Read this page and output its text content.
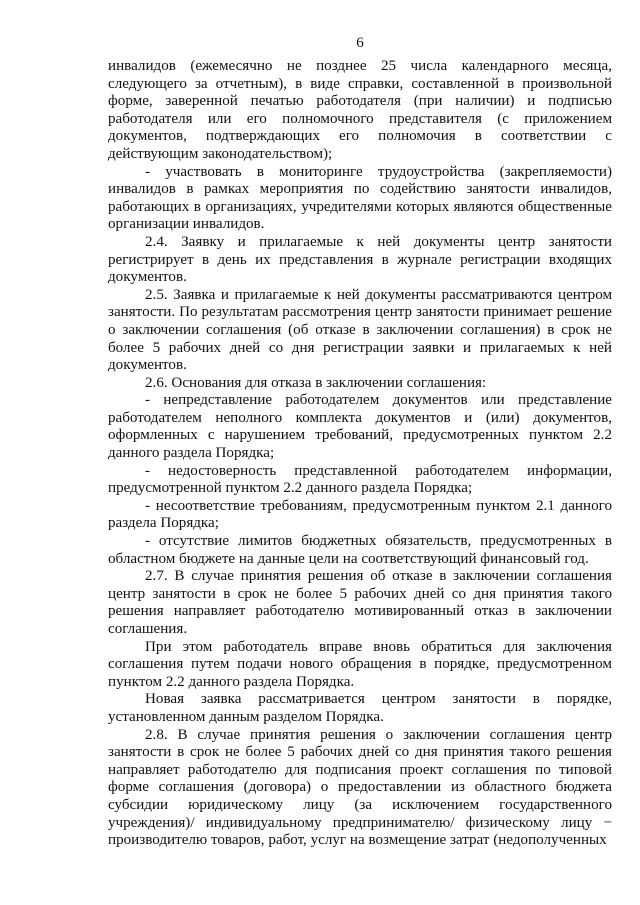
6

инвалидов (ежемесячно не позднее 25 числа календарного месяца, следующего за отчетным), в виде справки, составленной в произвольной форме, заверенной печатью работодателя (при наличии) и подписью работодателя или его полномочного представителя (с приложением документов, подтверждающих его полномочия в соответствии с действующим законодательством);

- участвовать в мониторинге трудоустройства (закрепляемости) инвалидов в рамках мероприятия по содействию занятости инвалидов, работающих в организациях, учредителями которых являются общественные организации инвалидов.

2.4. Заявку и прилагаемые к ней документы центр занятости регистрирует в день их представления в журнале регистрации входящих документов.

2.5. Заявка и прилагаемые к ней документы рассматриваются центром занятости. По результатам рассмотрения центр занятости принимает решение о заключении соглашения (об отказе в заключении соглашения) в срок не более 5 рабочих дней со дня регистрации заявки и прилагаемых к ней документов.

2.6. Основания для отказа в заключении соглашения:

- непредставление работодателем документов или представление работодателем неполного комплекта документов и (или) документов, оформленных с нарушением требований, предусмотренных пунктом 2.2 данного раздела Порядка;

- недостоверность представленной работодателем информации, предусмотренной пунктом 2.2 данного раздела Порядка;

- несоответствие требованиям, предусмотренным пунктом 2.1 данного раздела Порядка;

- отсутствие лимитов бюджетных обязательств, предусмотренных в областном бюджете на данные цели на соответствующий финансовый год.

2.7. В случае принятия решения об отказе в заключении соглашения центр занятости в срок не более 5 рабочих дней со дня принятия такого решения направляет работодателю мотивированный отказ в заключении соглашения.

При этом работодатель вправе вновь обратиться для заключения соглашения путем подачи нового обращения в порядке, предусмотренном пунктом 2.2 данного раздела Порядка.

Новая заявка рассматривается центром занятости в порядке, установленном данным разделом Порядка.

2.8. В случае принятия решения о заключении соглашения центр занятости в срок не более 5 рабочих дней со дня принятия такого решения направляет работодателю для подписания проект соглашения по типовой форме соглашения (договора) о предоставлении из областного бюджета субсидии юридическому лицу (за исключением государственного учреждения)/ индивидуальному предпринимателю/ физическому лицу − производителю товаров, работ, услуг на возмещение затрат (недополученных
